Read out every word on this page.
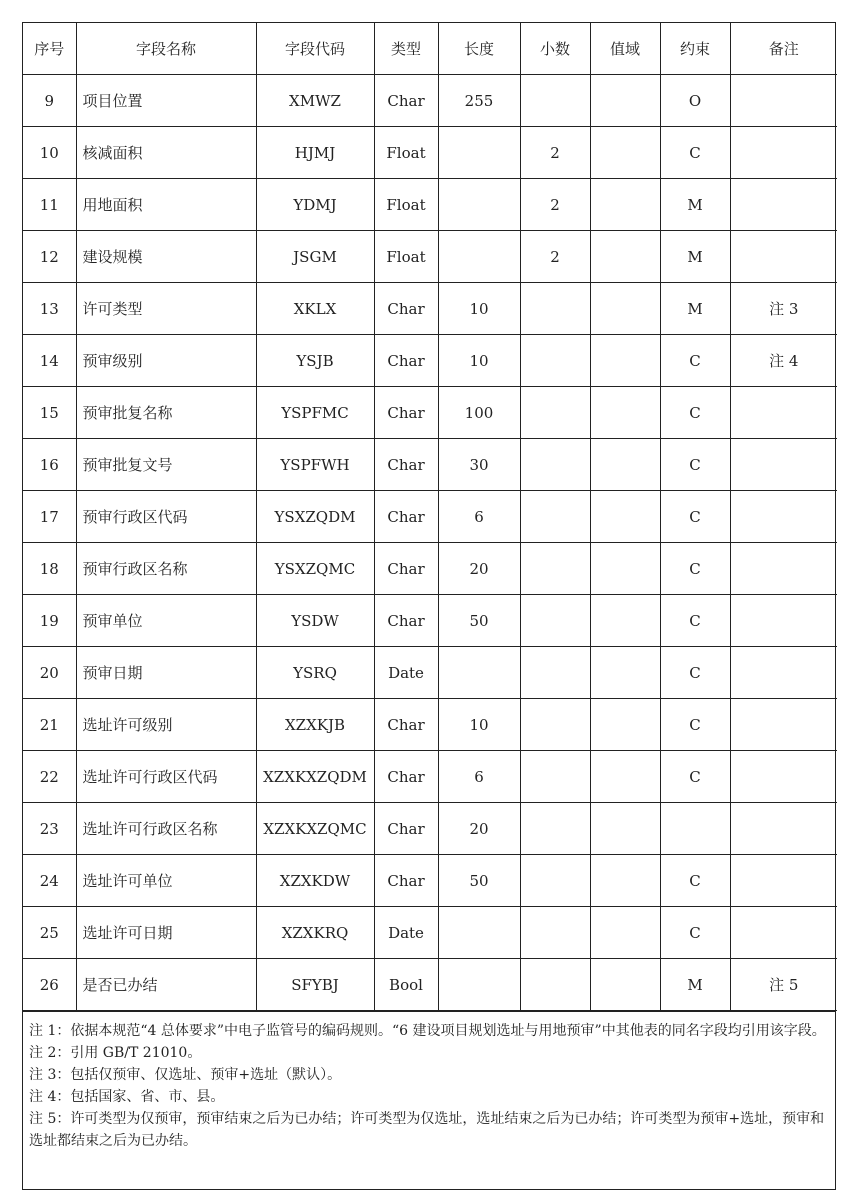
序号	字段名称	字段代码	类型	长度	小数	值域	约束	备注
9	项目位置	XMWZ	Char	255			O	
10	核减面积	HJMJ	Float		2		C	
11	用地面积	YDMJ	Float		2		M	
12	建设规模	JSGM	Float		2		M	
13	许可类型	XKLX	Char	10			M	注 3
14	预审级别	YSJB	Char	10			C	注 4
15	预审批复名称	YSPFMC	Char	100			C	
16	预审批复文号	YSPFWH	Char	30			C	
17	预审行政区代码	YSXZQDM	Char	6			C	
18	预审行政区名称	YSXZQMC	Char	20			C	
19	预审单位	YSDW	Char	50			C	
20	预审日期	YSRQ	Date				C	
21	选址许可级别	XZXKJB	Char	10			C	
22	选址许可行政区代码	XZXKXZQDM	Char	6			C	
23	选址许可行政区名称	XZXKXZQMC	Char	20				
24	选址许可单位	XZXKDW	Char	50			C	
25	选址许可日期	XZXKRQ	Date				C	
26	是否已办结	SFYBJ	Bool				M	注 5

注 1：依据本规范“4 总体要求”中电子监管号的编码规则。“6 建设项目规划选址与用地预审”中其他表的同名字段均引用该字段。

注 2：引用 GB/T 21010。

注 3：包括仅预审、仅选址、预审+选址（默认）。

注 4：包括国家、省、市、县。

注 5：许可类型为仅预审，预审结束之后为已办结；许可类型为仅选址，选址结束之后为已办结；许可类型为预审+选址，预审和选址都结束之后为已办结。
